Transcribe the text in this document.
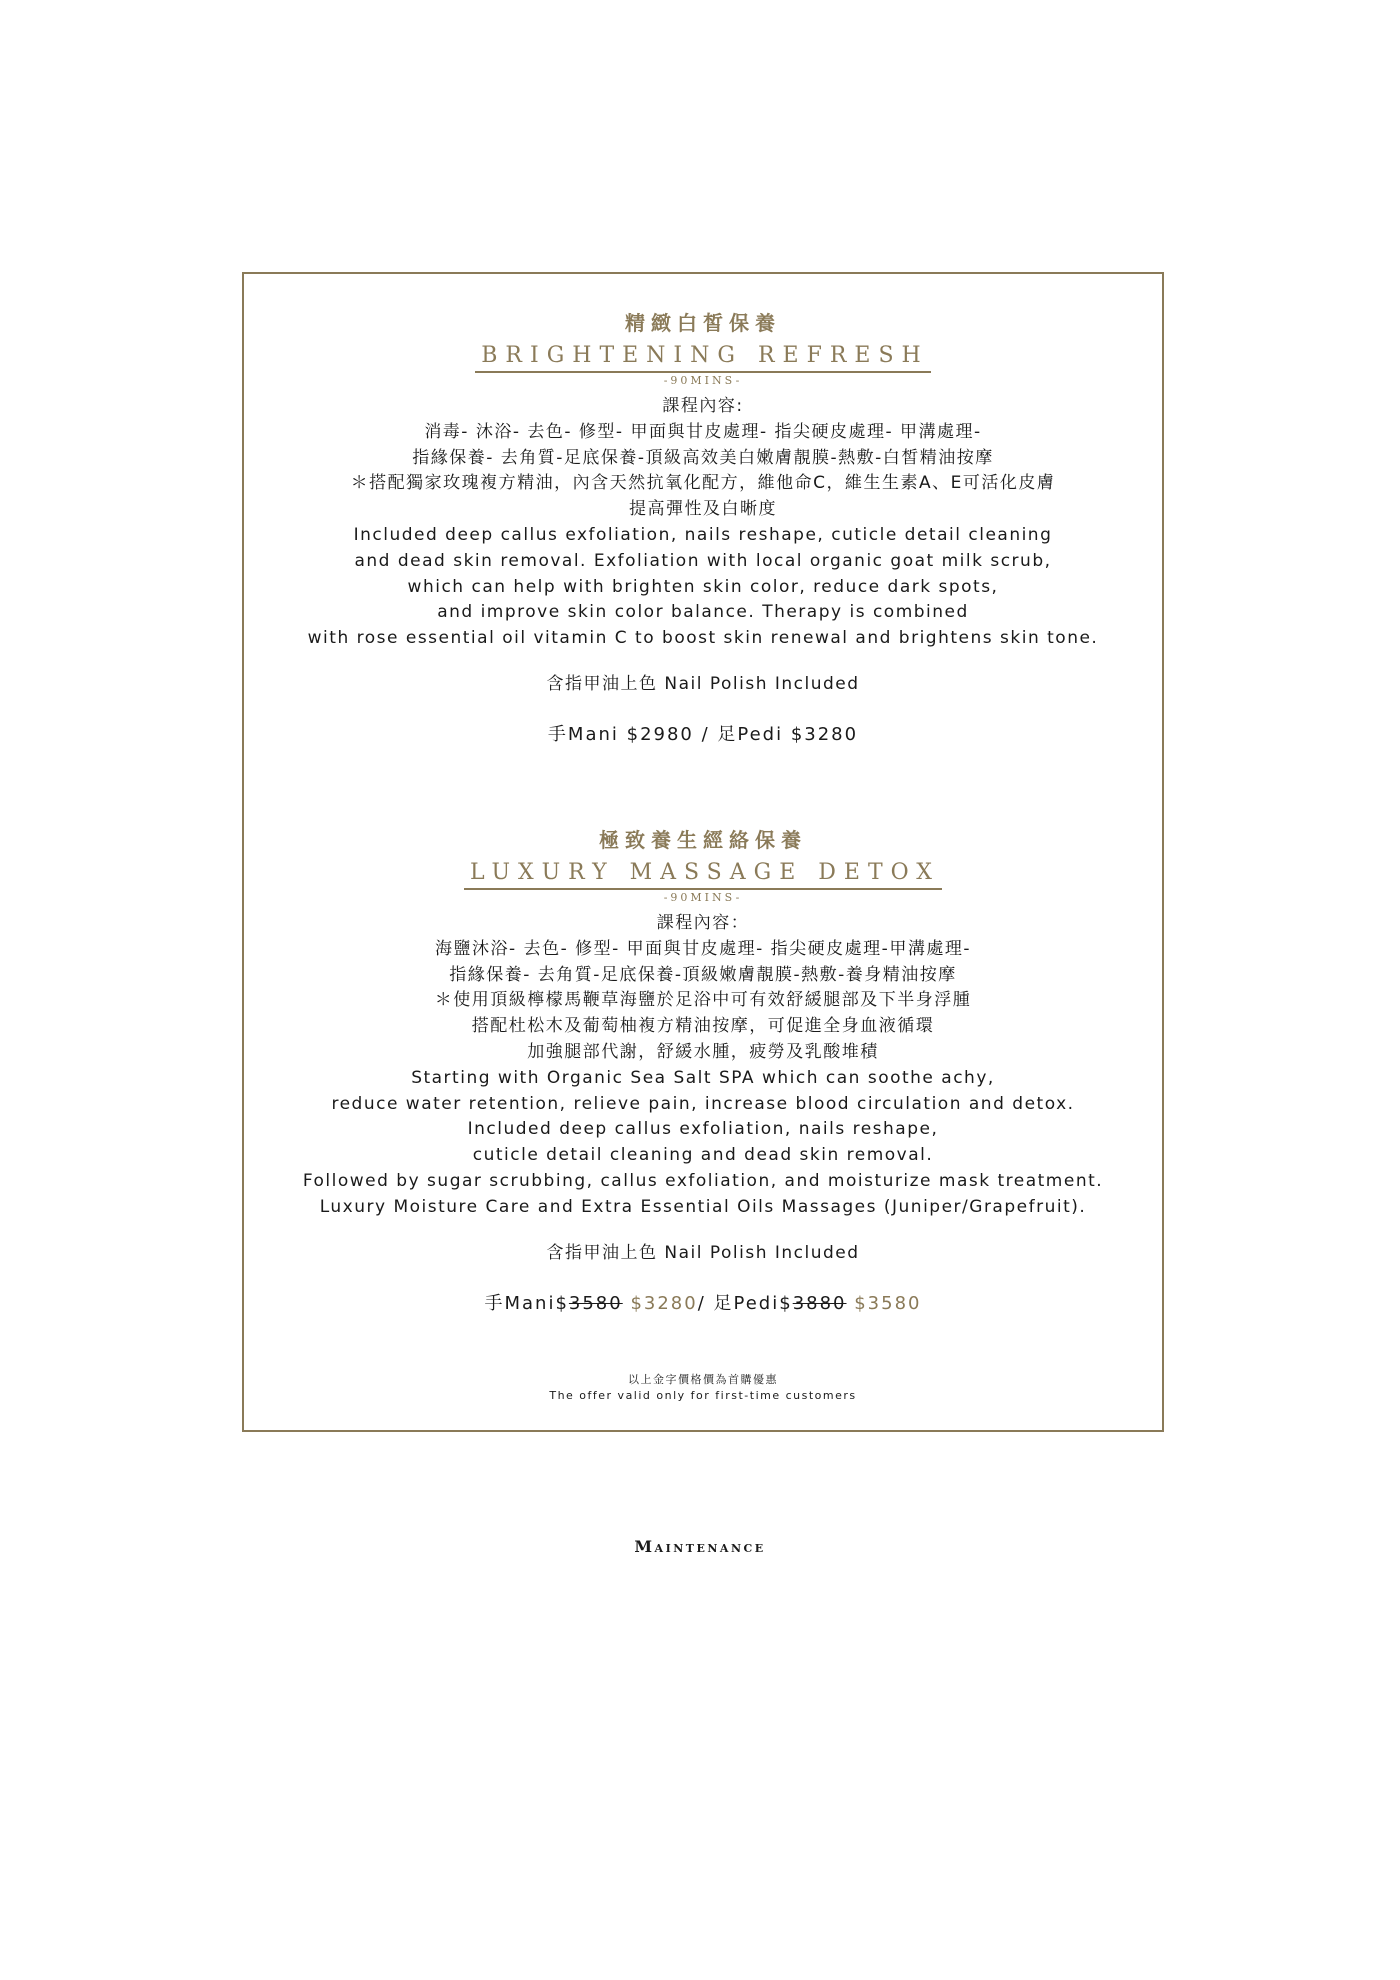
精緻白皙保養
BRIGHTENING REFRESH
-90MINS-
課程內容:
消毒- 沐浴- 去色- 修型- 甲面與甘皮處理- 指尖硬皮處理- 甲溝處理-
指緣保養- 去角質-足底保養-頂級高效美白嫩膚靚膜-熱敷-白皙精油按摩
＊搭配獨家玫瑰複方精油，內含天然抗氧化配方，維他命C，維生生素A、E可活化皮膚
提高彈性及白晰度
Included deep callus exfoliation, nails reshape, cuticle detail cleaning
and dead skin removal. Exfoliation with local organic goat milk scrub,
which can help with brighten skin color, reduce dark spots,
and improve skin color balance. Therapy is combined
with rose essential oil vitamin C to boost skin renewal and brightens skin tone.
含指甲油上色 Nail Polish Included
手Mani $2980 / 足Pedi $3280
極致養生經絡保養
LUXURY MASSAGE DETOX
-90MINS-
課程內容：
海鹽沐浴- 去色- 修型- 甲面與甘皮處理- 指尖硬皮處理-甲溝處理-
指緣保養- 去角質-足底保養-頂級嫩膚靚膜-熱敷-養身精油按摩
＊使用頂級檸檬馬鞭草海鹽於足浴中可有效舒緩腿部及下半身浮腫
搭配杜松木及葡萄柚複方精油按摩，可促進全身血液循環
加強腿部代謝，舒緩水腫，疲勞及乳酸堆積
Starting with Organic Sea Salt SPA which can soothe achy,
reduce water retention, relieve pain, increase blood circulation and detox.
Included deep callus exfoliation, nails reshape,
cuticle detail cleaning and dead skin removal.
Followed by sugar scrubbing, callus exfoliation, and moisturize mask treatment.
Luxury Moisture Care and Extra Essential Oils Massages (Juniper/Grapefruit).
含指甲油上色 Nail Polish Included
手Mani$3580 $3280/ 足Pedi$3880 $3580
以上金字價格價為首購優惠
The offer valid only for first-time customers
Maintenance
